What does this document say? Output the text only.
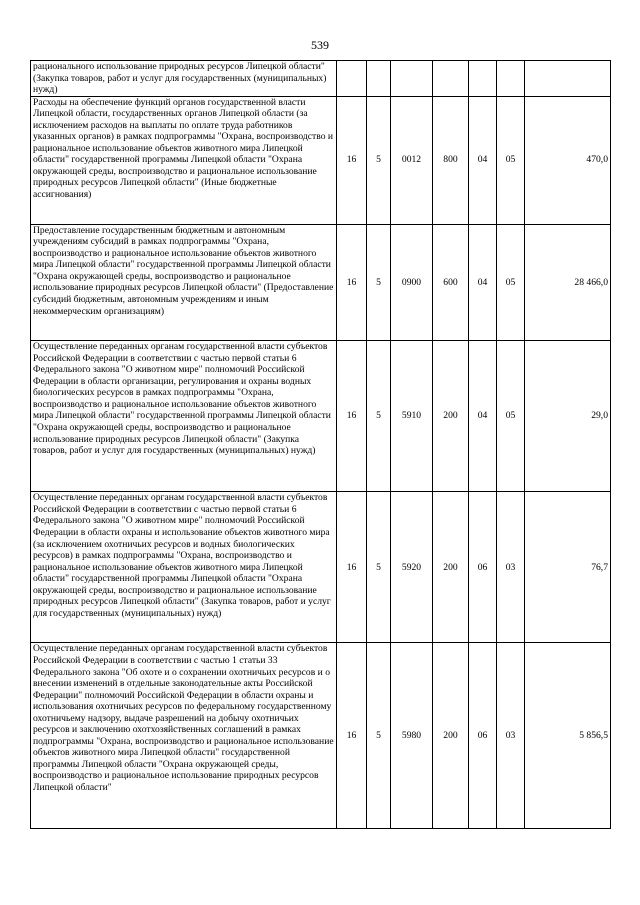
539
рационального использование природных ресурсов Липецкой области" (Закупка товаров, работ и услуг для государственных (муниципальных) нужд)							
Расходы на обеспечение функций органов государственной власти Липецкой области, государственных органов Липецкой области (за исключением расходов на выплаты по оплате труда работников указанных органов) в рамках подпрограммы "Охрана, воспроизводство и рациональное использование объектов животного мира Липецкой области" государственной программы Липецкой области "Охрана окружающей среды, воспроизводство и рациональное использование природных ресурсов Липецкой области" (Иные бюджетные ассигнования)	16	5	0012	800	04	05	470,0
Предоставление государственным бюджетным и автономным учреждениям субсидий в рамках подпрограммы "Охрана, воспроизводство и рациональное использование объектов животного мира Липецкой области" государственной программы Липецкой области "Охрана окружающей среды, воспроизводство и рациональное использование природных ресурсов Липецкой области" (Предоставление субсидий бюджетным, автономным учреждениям и иным некоммерческим организациям)	16	5	0900	600	04	05	28 466,0
Осуществление переданных органам государственной власти субъектов Российской Федерации в соответствии с частью первой статьи 6 Федерального закона "О животном мире" полномочий Российской Федерации в области организации, регулирования и охраны водных биологических ресурсов в рамках подпрограммы "Охрана, воспроизводство и рациональное использование объектов животного мира Липецкой области" государственной программы Липецкой области "Охрана окружающей среды, воспроизводство и рациональное использование природных ресурсов Липецкой области" (Закупка товаров, работ и услуг для государственных (муниципальных) нужд)	16	5	5910	200	04	05	29,0
Осуществление переданных органам государственной власти субъектов Российской Федерации в соответствии с частью первой статьи 6 Федерального закона "О животном мире" полномочий Российской Федерации в области охраны и использование объектов животного мира (за исключением охотничьих ресурсов и водных биологических ресурсов) в рамках подпрограммы "Охрана, воспроизводство и рациональное использование объектов животного мира Липецкой области" государственной программы Липецкой области "Охрана окружающей среды, воспроизводство и рациональное использование природных ресурсов Липецкой области" (Закупка товаров, работ и услуг для государственных (муниципальных) нужд)	16	5	5920	200	06	03	76,7
Осуществление переданных органам государственной власти субъектов Российской Федерации в соответствии с частью 1 статьи 33 Федерального закона "Об охоте и о сохранении охотничьих ресурсов и о внесении изменений в отдельные законодательные акты Российской Федерации" полномочий Российской Федерации в области охраны и использования охотничьих ресурсов по федеральному государственному охотничьему надзору, выдаче разрешений на добычу охотничьих ресурсов и заключению охотхозяйственных соглашений в рамках подпрограммы "Охрана, воспроизводство и рациональное использование объектов животного мира Липецкой области" государственной программы Липецкой области "Охрана окружающей среды, воспроизводство и рациональное использование природных ресурсов Липецкой области"	16	5	5980	200	06	03	5 856,5
